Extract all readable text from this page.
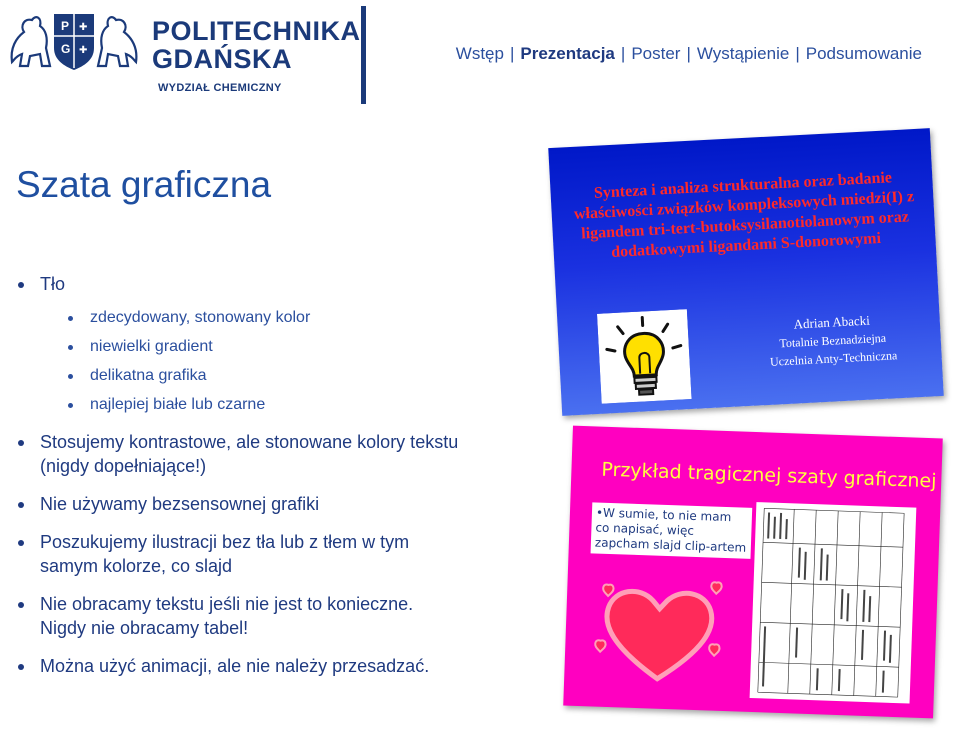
P
G
✚
✚
POLITECHNIKA
GDAŃSKA
WYDZIAŁ CHEMICZNY
Wstęp | Prezentacja | Poster | Wystąpienie | Podsumowanie
Szata graficzna
Tło
zdecydowany, stonowany kolor
niewielki gradient
delikatna grafika
najlepiej białe lub czarne
Stosujemy kontrastowe, ale stonowane kolory tekstu (nigdy dopełniające!)
Nie używamy bezsensownej grafiki
Poszukujemy ilustracji bez tła lub z tłem w tym samym kolorze, co slajd
Nie obracamy tekstu jeśli nie jest to konieczne. Nigdy nie obracamy tabel!
Można użyć animacji, ale nie należy przesadzać.
Synteza i analiza strukturalna oraz badanie właściwości związków kompleksowych miedzi(I) z ligandem tri-tert-butoksysilanotiolanowym oraz dodatkowymi ligandami S-donorowymi
Adrian Abacki
Totalnie Beznadziejna
Uczelnia Anty-Techniczna
Przykład tragicznej szaty graficznej
• W sumie, to nie mam co napisać, więc zapcham slajd clip-artem
